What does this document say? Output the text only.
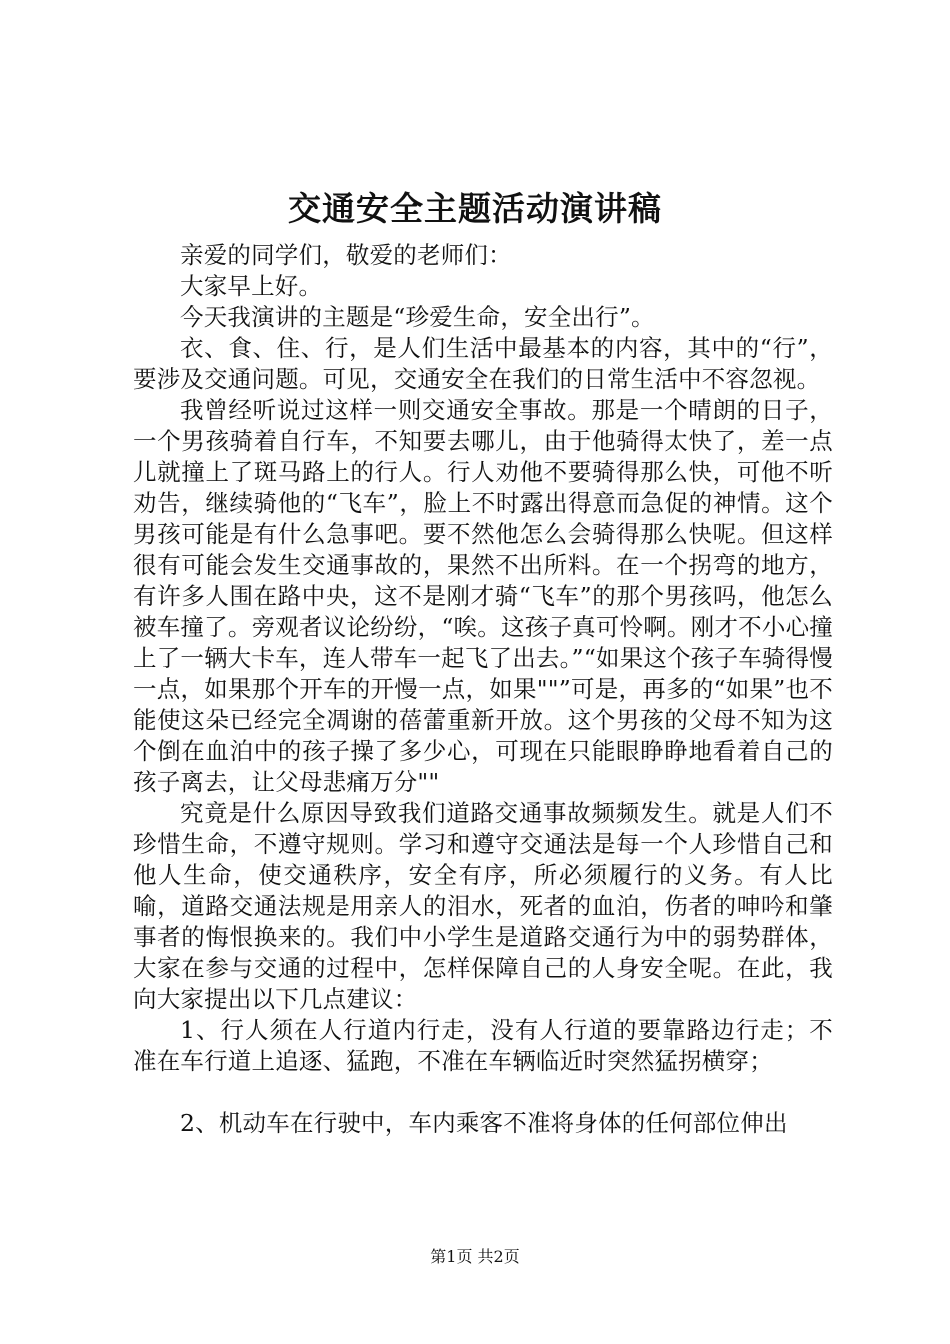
交通安全主题活动演讲稿

亲爱的同学们，敬爱的老师们：

大家早上好。

今天我演讲的主题是“珍爱生命，安全出行”。

衣、食、住、行，是人们生活中最基本的内容，其中的“行”，要涉及交通问题。可见，交通安全在我们的日常生活中不容忽视。

我曾经听说过这样一则交通安全事故。那是一个晴朗的日子，一个男孩骑着自行车，不知要去哪儿，由于他骑得太快了，差一点儿就撞上了斑马路上的行人。行人劝他不要骑得那么快，可他不听劝告，继续骑他的“飞车”，脸上不时露出得意而急促的神情。这个男孩可能是有什么急事吧。要不然他怎么会骑得那么快呢。但这样很有可能会发生交通事故的，果然不出所料。在一个拐弯的地方，有许多人围在路中央，这不是刚才骑“飞车”的那个男孩吗，他怎么被车撞了。旁观者议论纷纷，“唉。这孩子真可怜啊。刚才不小心撞上了一辆大卡车，连人带车一起飞了出去。”“如果这个孩子车骑得慢一点，如果那个开车的开慢一点，如果""”可是，再多的“如果”也不能使这朵已经完全凋谢的蓓蕾重新开放。这个男孩的父母不知为这个倒在血泊中的孩子操了多少心，可现在只能眼睁睁地看着自己的孩子离去，让父母悲痛万分""

究竟是什么原因导致我们道路交通事故频频发生。就是人们不珍惜生命，不遵守规则。学习和遵守交通法是每一个人珍惜自己和他人生命，使交通秩序，安全有序，所必须履行的义务。有人比喻，道路交通法规是用亲人的泪水，死者的血泊，伤者的呻吟和肇事者的悔恨换来的。我们中小学生是道路交通行为中的弱势群体，大家在参与交通的过程中，怎样保障自己的人身安全呢。在此，我向大家提出以下几点建议：

1、行人须在人行道内行走，没有人行道的要靠路边行走；不准在车行道上追逐、猛跑，不准在车辆临近时突然猛拐横穿；

2、机动车在行驶中，车内乘客不准将身体的任何部位伸出

第1页 共2页
